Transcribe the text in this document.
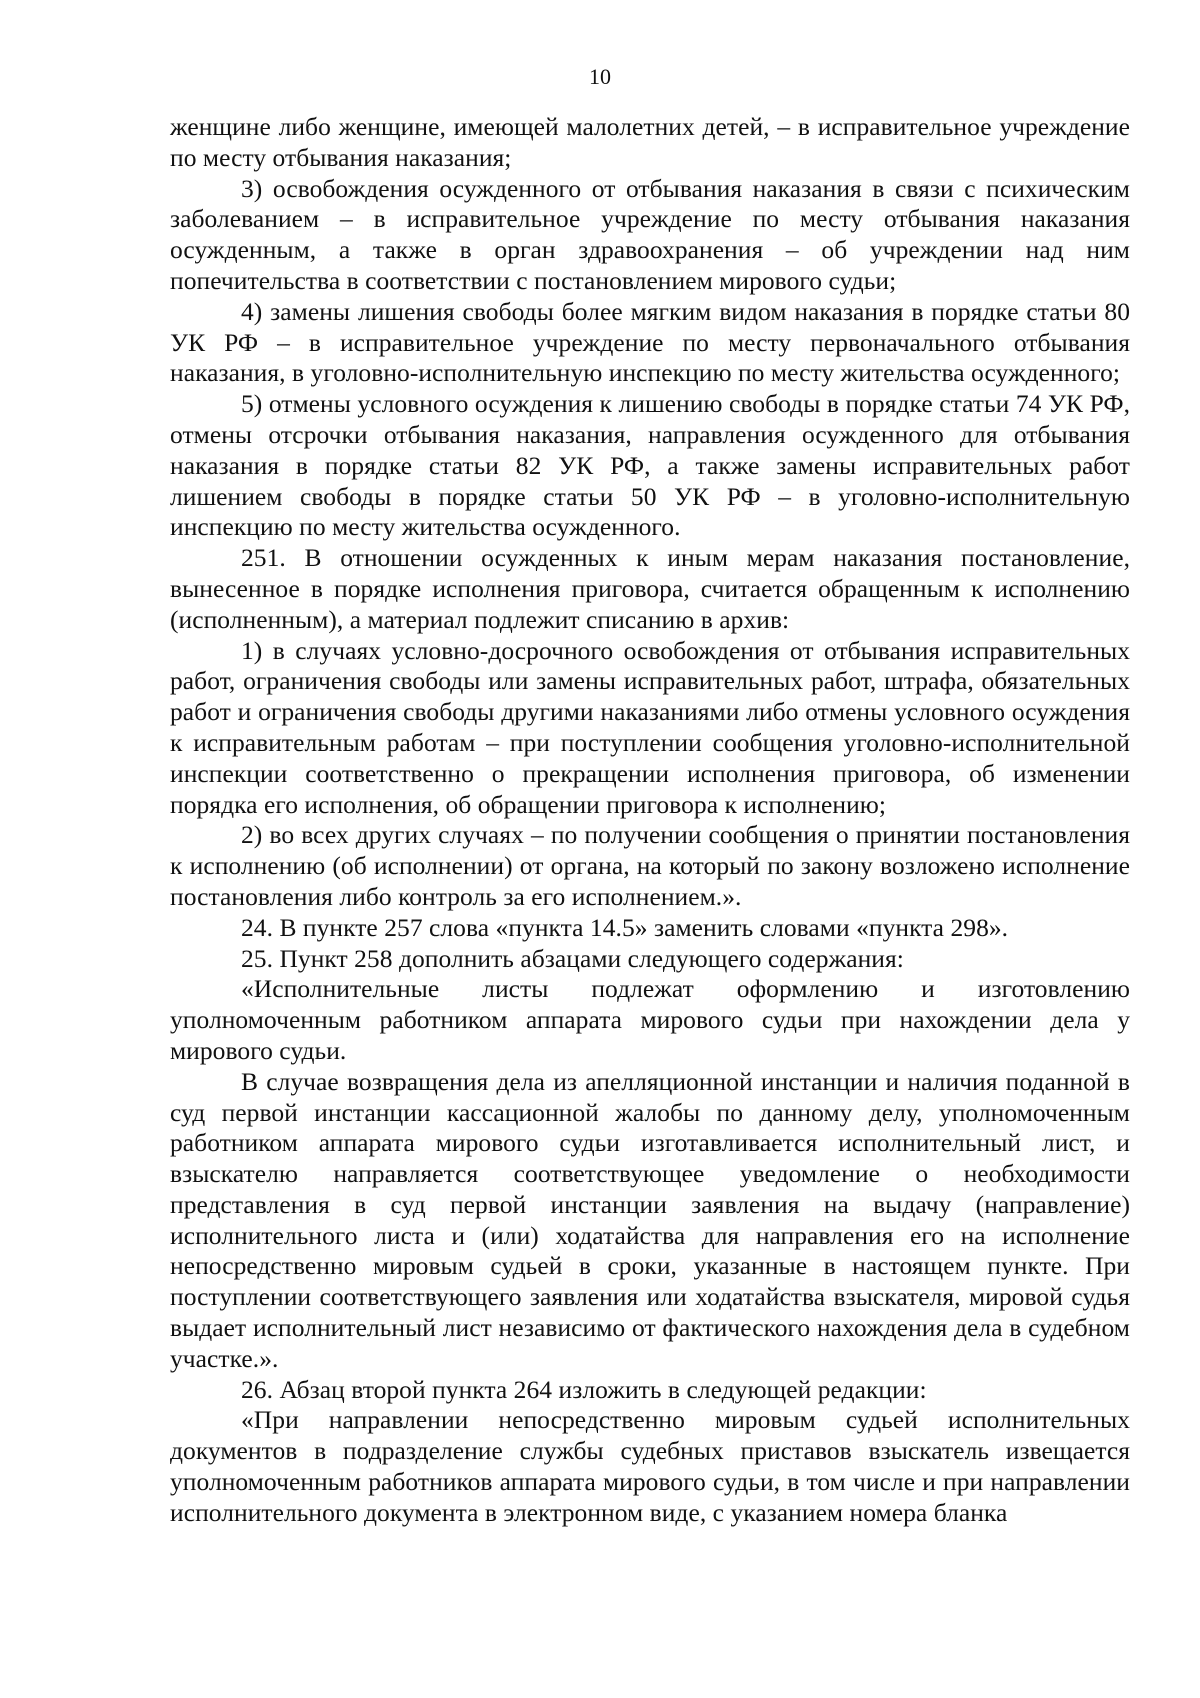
10

женщине либо женщине, имеющей малолетних детей, – в исправительное учреждение по месту отбывания наказания;

3) освобождения осужденного от отбывания наказания в связи с психическим заболеванием – в исправительное учреждение по месту отбывания наказания осужденным, а также в орган здравоохранения – об учреждении над ним попечительства в соответствии с постановлением мирового судьи;

4) замены лишения свободы более мягким видом наказания в порядке статьи 80 УК РФ – в исправительное учреждение по месту первоначального отбывания наказания, в уголовно-исполнительную инспекцию по месту жительства осужденного;

5) отмены условного осуждения к лишению свободы в порядке статьи 74 УК РФ, отмены отсрочки отбывания наказания, направления осужденного для отбывания наказания в порядке статьи 82 УК РФ, а также замены исправительных работ лишением свободы в порядке статьи 50 УК РФ – в уголовно-исполнительную инспекцию по месту жительства осужденного.

251. В отношении осужденных к иным мерам наказания постановление, вынесенное в порядке исполнения приговора, считается обращенным к исполнению (исполненным), а материал подлежит списанию в архив:

1) в случаях условно-досрочного освобождения от отбывания исправительных работ, ограничения свободы или замены исправительных работ, штрафа, обязательных работ и ограничения свободы другими наказаниями либо отмены условного осуждения к исправительным работам – при поступлении сообщения уголовно-исполнительной инспекции соответственно о прекращении исполнения приговора, об изменении порядка его исполнения, об обращении приговора к исполнению;

2) во всех других случаях – по получении сообщения о принятии постановления к исполнению (об исполнении) от органа, на который по закону возложено исполнение постановления либо контроль за его исполнением.».

24. В пункте 257 слова «пункта 14.5» заменить словами «пункта 298».

25. Пункт 258 дополнить абзацами следующего содержания:

«Исполнительные листы подлежат оформлению и изготовлению уполномоченным работником аппарата мирового судьи при нахождении дела у мирового судьи.

В случае возвращения дела из апелляционной инстанции и наличия поданной в суд первой инстанции кассационной жалобы по данному делу, уполномоченным работником аппарата мирового судьи изготавливается исполнительный лист, и взыскателю направляется соответствующее уведомление о необходимости представления в суд первой инстанции заявления на выдачу (направление) исполнительного листа и (или) ходатайства для направления его на исполнение непосредственно мировым судьей в сроки, указанные в настоящем пункте. При поступлении соответствующего заявления или ходатайства взыскателя, мировой судья выдает исполнительный лист независимо от фактического нахождения дела в судебном участке.».

26. Абзац второй пункта 264 изложить в следующей редакции:

«При направлении непосредственно мировым судьей исполнительных документов в подразделение службы судебных приставов взыскатель извещается уполномоченным работников аппарата мирового судьи, в том числе и при направлении исполнительного документа в электронном виде, с указанием номера бланка
